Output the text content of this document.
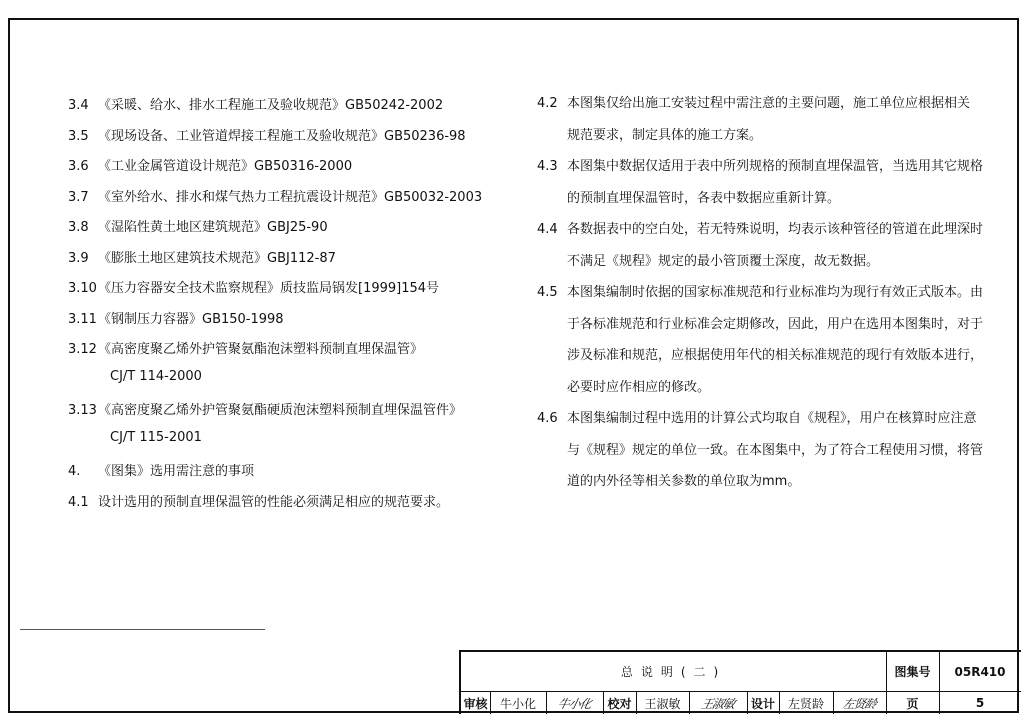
3.4 《采暖、给水、排水工程施工及验收规范》GB50242-2002
3.5 《现场设备、工业管道焊接工程施工及验收规范》GB50236-98
3.6 《工业金属管道设计规范》GB50316-2000
3.7 《室外给水、排水和煤气热力工程抗震设计规范》GB50032-2003
3.8 《湿陷性黄土地区建筑规范》GBJ25-90
3.9 《膨胀土地区建筑技术规范》GBJ112-87
3.10《压力容器安全技术监察规程》质技监局锅发[1999]154号
3.11《钢制压力容器》GB150-1998
3.12《高密度聚乙烯外护管聚氨酯泡沫塑料预制直埋保温管》
CJ/T 114-2000
3.13《高密度聚乙烯外护管聚氨酯硬质泡沫塑料预制直埋保温管件》
CJ/T 115-2001
4. 《图集》选用需注意的事项
4.1 设计选用的预制直埋保温管的性能必须满足相应的规范要求。
4.2 本图集仅给出施工安装过程中需注意的主要问题，施工单位应根据相关
规范要求，制定具体的施工方案。
4.3 本图集中数据仅适用于表中所列规格的预制直埋保温管，当选用其它规格
的预制直埋保温管时，各表中数据应重新计算。
4.4 各数据表中的空白处，若无特殊说明，均表示该种管径的管道在此埋深时
不满足《规程》规定的最小管顶覆土深度，故无数据。
4.5 本图集编制时依据的国家标准规范和行业标准均为现行有效正式版本。由
于各标准规范和行业标准会定期修改，因此，用户在选用本图集时，对于
涉及标准和规范，应根据使用年代的相关标准规范的现行有效版本进行，
必要时应作相应的修改。
4.6 本图集编制过程中选用的计算公式均取自《规程》，用户在核算时应注意
与《规程》规定的单位一致。在本图集中，为了符合工程使用习惯，将管
道的内外径等相关参数的单位取为mm。
总说明(二)	图集号	05R410
审核	牛小化	牛小化	校对	王淑敏	王淑敏	设计	左贤龄	左贤龄	页	5
